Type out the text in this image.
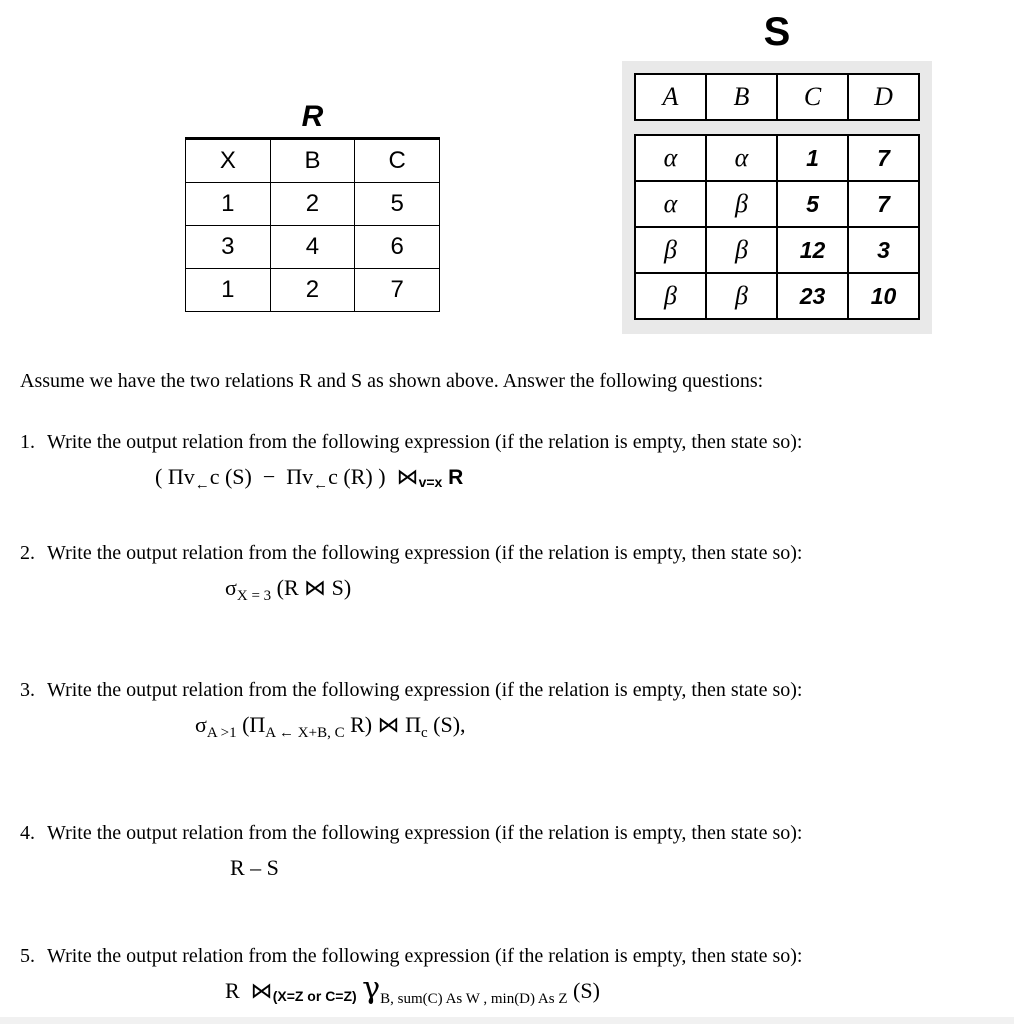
S
A	B	C	D
α	α	1	7
α	β	5	7
β	β	12	3
β	β	23	10
R
X	B	C
1	2	5
3	4	6
1	2	7

Assume we have the two relations R and S as shown above. Answer the following questions:

1. Write the output relation from the following expression (if the relation is empty, then state so):
( $\Pi v_\leftarrow c$ $(S) - \Pi v_\leftarrow c$ (R) )  ⋈v=x R
2. Write the output relation from the following expression (if the relation is empty, then state so):
$\sigma_{X = 3}$ (R ⋈ S)
3. Write the output relation from the following expression (if the relation is empty, then state so):
$\sigma_{A >1}$ ($\Pi_{A \leftarrow X+B, C}$ R) ⋈ $\Pi_c$ (S),
4. Write the output relation from the following expression (if the relation is empty, then state so):
R – S
5. Write the output relation from the following expression (if the relation is empty, then state so):
R  ⋈(X=Z or C=Z) $\gamma_{B, sum(C) As W , min(D) As Z}$ (S)
